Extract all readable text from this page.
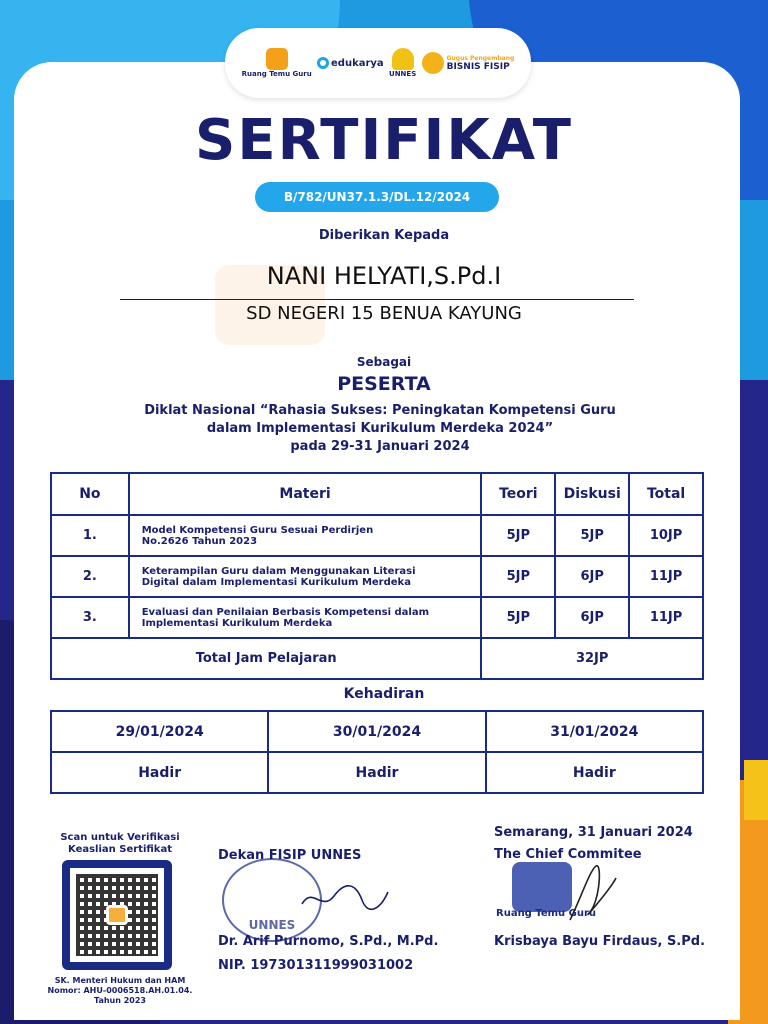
Ruang Temu Guru
edukarya
UNNES
Gugus Pengembang
BISNIS FISIP
SERTIFIKAT
B/782/UN37.1.3/DL.12/2024
Diberikan Kepada
NANI HELYATI,S.Pd.I
SD NEGERI 15 BENUA KAYUNG
Sebagai
PESERTA
Diklat Nasional “Rahasia Sukses: Peningkatan Kompetensi Guru
dalam Implementasi Kurikulum Merdeka 2024”
pada 29-31 Januari 2024
No	Materi	Teori	Diskusi	Total
1.	Model Kompetensi Guru Sesuai Perdirjen
No.2626 Tahun 2023	5JP	5JP	10JP
2.	Keterampilan Guru dalam Menggunakan Literasi
Digital dalam Implementasi Kurikulum Merdeka	5JP	6JP	11JP
3.	Evaluasi dan Penilaian Berbasis Kompetensi dalam
Implementasi Kurikulum Merdeka	5JP	6JP	11JP
Total Jam Pelajaran		32JP		
Kehadiran
29/01/2024	30/01/2024	31/01/2024
Hadir	Hadir	Hadir
Scan untuk Verifikasi
Keaslian Sertifikat
SK. Menteri Hukum dan HAM
Nomor: AHU-0006518.AH.01.04.
Tahun 2023
UNNES
Dekan FISIP UNNES
Dr. Arif Purnomo, S.Pd., M.Pd.
NIP. 197301311999031002
Semarang, 31 Januari 2024
The Chief Commitee
Ruang Temu Guru
Krisbaya Bayu Firdaus, S.Pd.
